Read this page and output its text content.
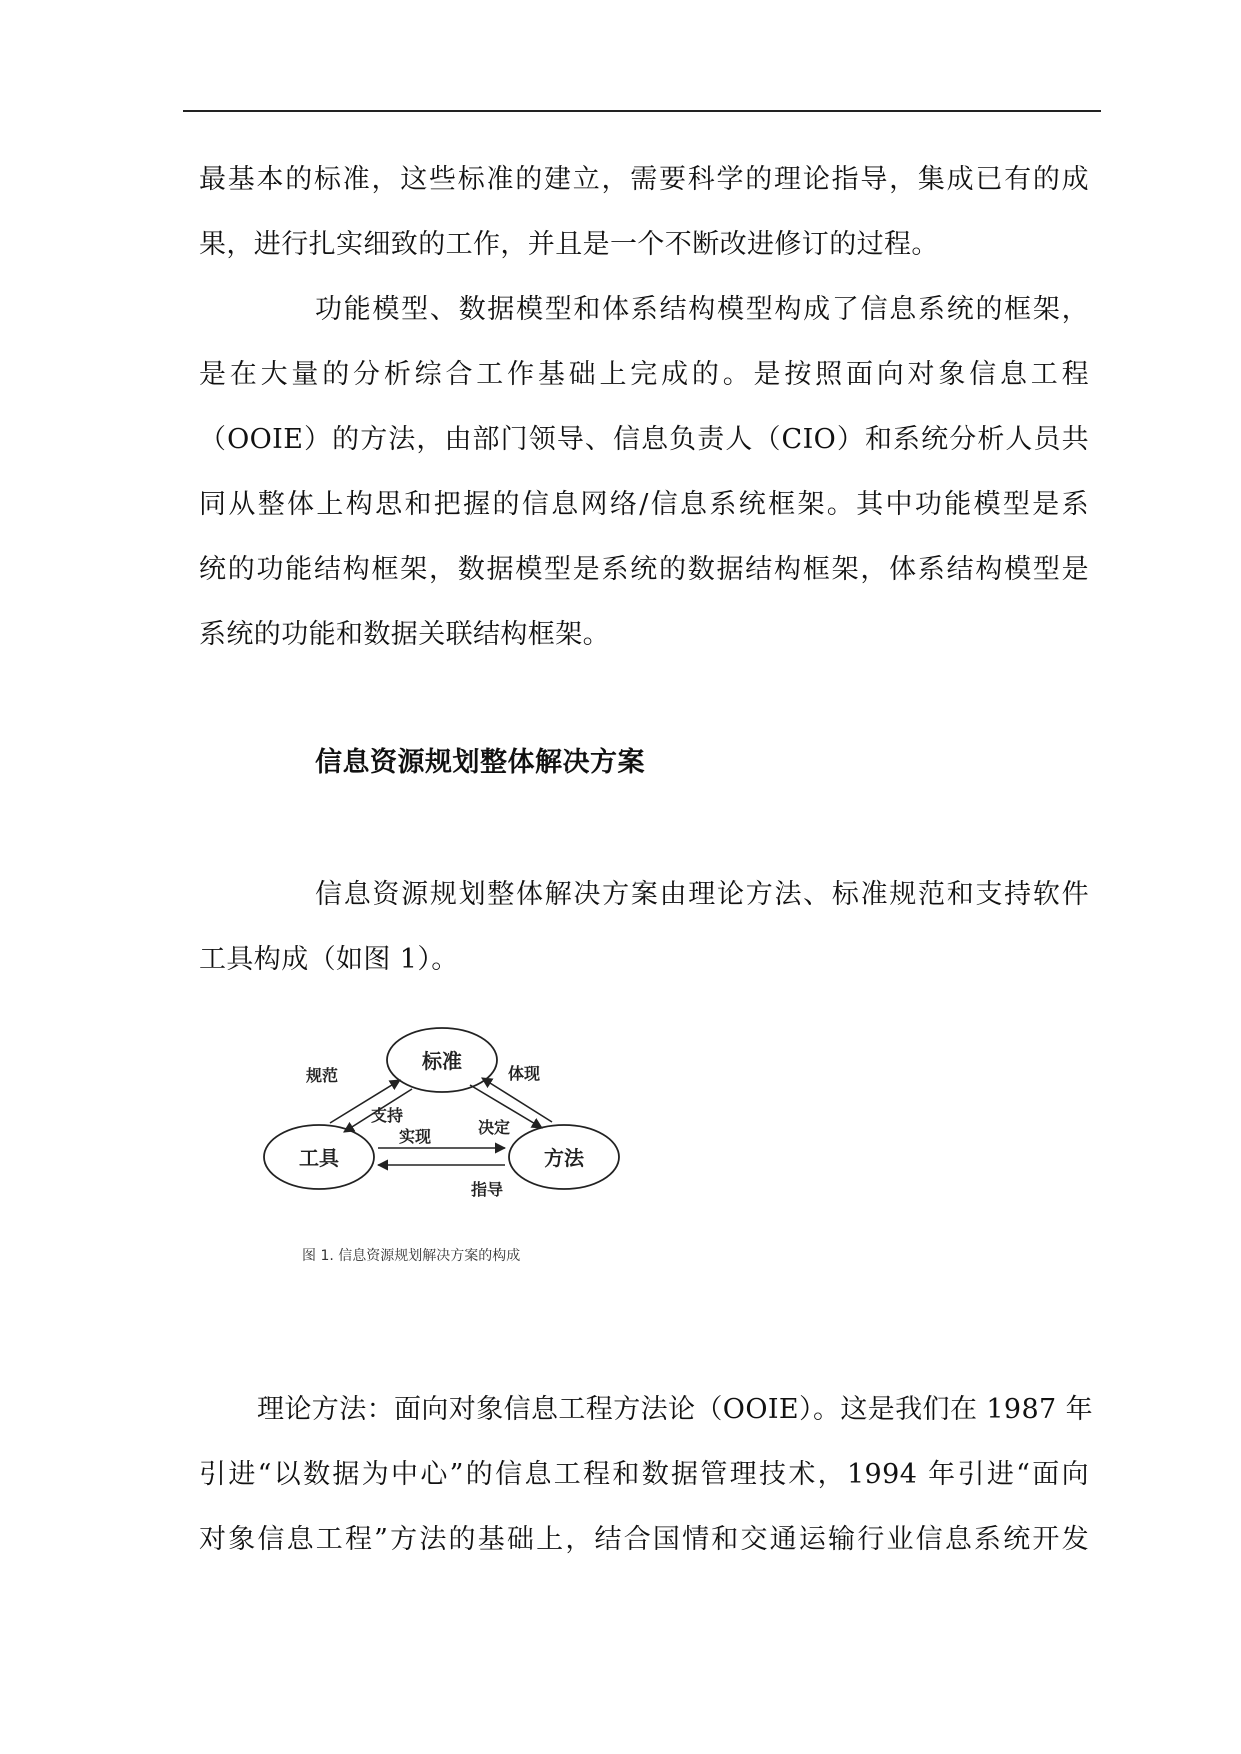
最基本的标准，这些标准的建立，需要科学的理论指导，集成已有的成
果，进行扎实细致的工作，并且是一个不断改进修订的过程。
功能模型、数据模型和体系结构模型构成了信息系统的框架，
是在大量的分析综合工作基础上完成的。是按照面向对象信息工程
（OOIE）的方法，由部门领导、信息负责人（CIO）和系统分析人员共
同从整体上构思和把握的信息网络/信息系统框架。其中功能模型是系
统的功能结构框架，数据模型是系统的数据结构框架，体系结构模型是
系统的功能和数据关联结构框架。
信息资源规划整体解决方案
信息资源规划整体解决方案由理论方法、标准规范和支持软件
工具构成（如图 1）。
标准
工具	方法
规范	体现
支持
实现	决定
指导
图 1. 信息资源规划解决方案的构成
理论方法：面向对象信息工程方法论（OOIE）。这是我们在 1987 年
引进“以数据为中心”的信息工程和数据管理技术，1994 年引进“面向
对象信息工程”方法的基础上，结合国情和交通运输行业信息系统开发
